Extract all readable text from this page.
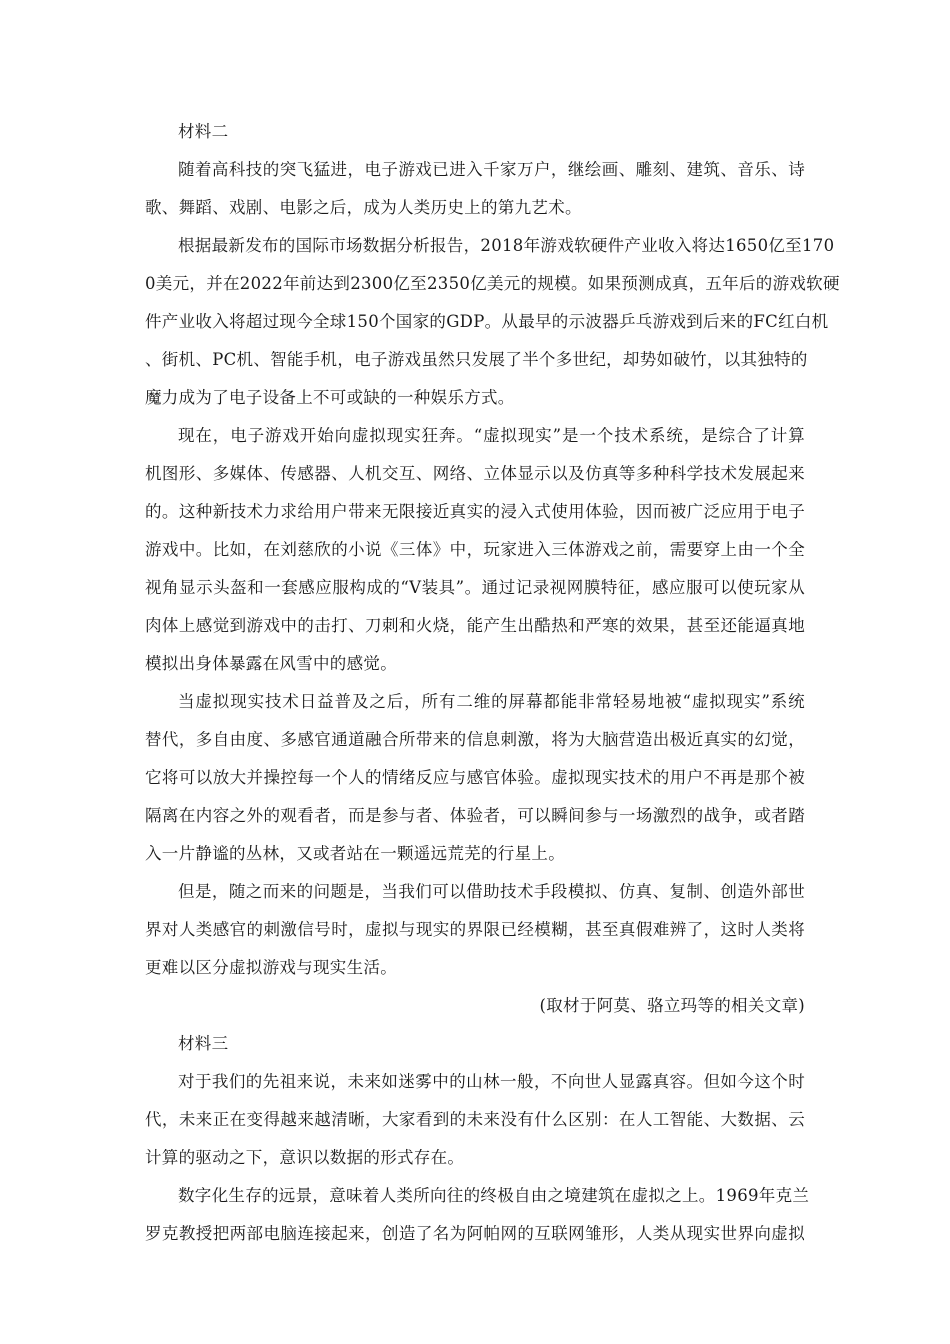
材料二
随着高科技的突飞猛进，电子游戏已进入千家万户，继绘画、雕刻、建筑、音乐、诗
歌、舞蹈、戏剧、电影之后，成为人类历史上的第九艺术。
根据最新发布的国际市场数据分析报告，2018年游戏软硬件产业收入将达1650亿至170
0美元，并在2022年前达到2300亿至2350亿美元的规模。如果预测成真，五年后的游戏软硬
件产业收入将超过现今全球150个国家的GDP。从最早的示波器乒乓游戏到后来的FC红白机
、街机、PC机、智能手机，电子游戏虽然只发展了半个多世纪，却势如破竹，以其独特的
魔力成为了电子设备上不可或缺的一种娱乐方式。
现在，电子游戏开始向虚拟现实狂奔。“虚拟现实”是一个技术系统，是综合了计算
机图形、多媒体、传感器、人机交互、网络、立体显示以及仿真等多种科学技术发展起来
的。这种新技术力求给用户带来无限接近真实的浸入式使用体验，因而被广泛应用于电子
游戏中。比如，在刘慈欣的小说《三体》中，玩家进入三体游戏之前，需要穿上由一个全
视角显示头盔和一套感应服构成的“V装具”。通过记录视网膜特征，感应服可以使玩家从
肉体上感觉到游戏中的击打、刀刺和火烧，能产生出酷热和严寒的效果，甚至还能逼真地
模拟出身体暴露在风雪中的感觉。
当虚拟现实技术日益普及之后，所有二维的屏幕都能非常轻易地被“虚拟现实”系统
替代，多自由度、多感官通道融合所带来的信息刺激，将为大脑营造出极近真实的幻觉，
它将可以放大并操控每一个人的情绪反应与感官体验。虚拟现实技术的用户不再是那个被
隔离在内容之外的观看者，而是参与者、体验者，可以瞬间参与一场激烈的战争，或者踏
入一片静谧的丛林，又或者站在一颗遥远荒芜的行星上。
但是，随之而来的问题是，当我们可以借助技术手段模拟、仿真、复制、创造外部世
界对人类感官的刺激信号时，虚拟与现实的界限已经模糊，甚至真假难辨了，这时人类将
更难以区分虚拟游戏与现实生活。
(取材于阿莫、骆立玛等的相关文章)
材料三
对于我们的先祖来说，未来如迷雾中的山林一般，不向世人显露真容。但如今这个时
代，未来正在变得越来越清晰，大家看到的未来没有什么区别：在人工智能、大数据、云
计算的驱动之下，意识以数据的形式存在。
数字化生存的远景，意味着人类所向往的终极自由之境建筑在虚拟之上。1969年克兰
罗克教授把两部电脑连接起来，创造了名为阿帕网的互联网雏形，人类从现实世界向虚拟
